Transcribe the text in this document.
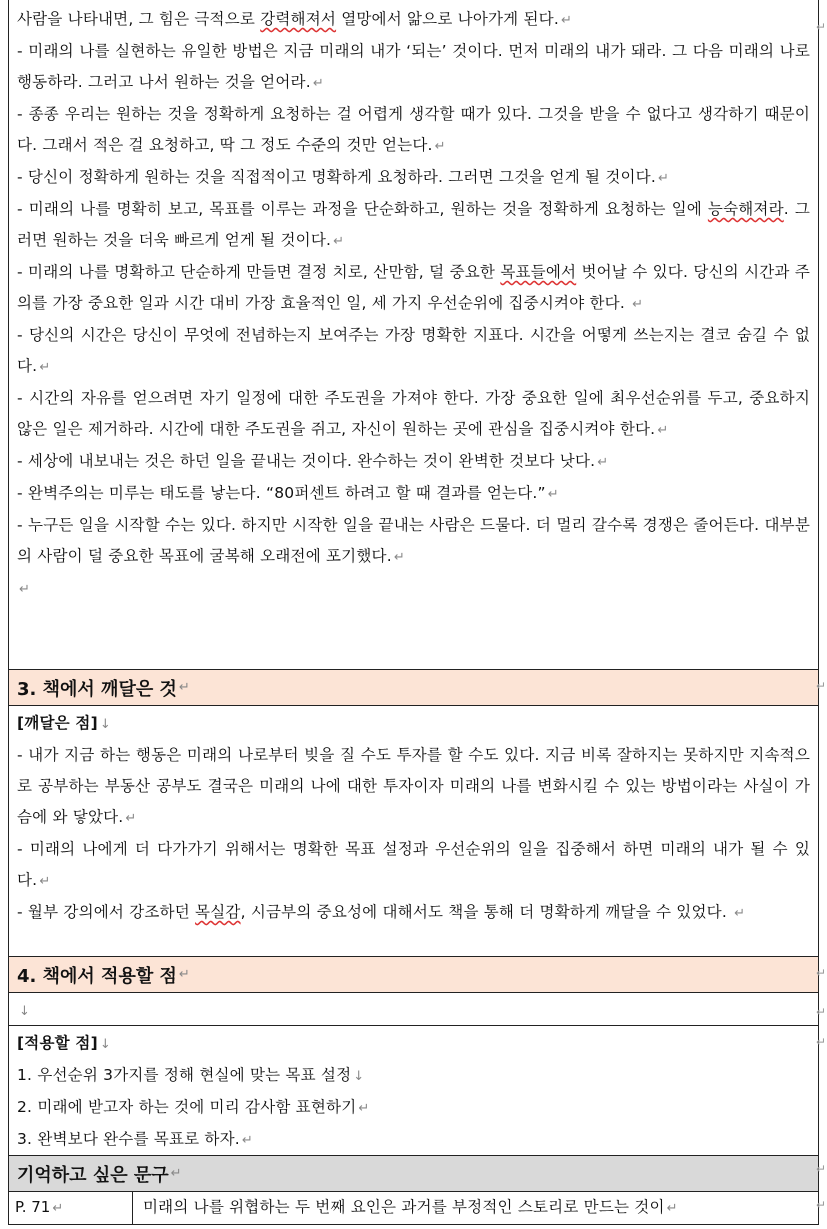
사람을 나타내면, 그 힘은 극적으로 강력해져서 열망에서 앎으로 나아가게 된다. ↵

- 미래의 나를 실현하는 유일한 방법은 지금 미래의 내가 ‘되는’ 것이다. 먼저 미래의 내가 돼라. 그 다음 미래의 나로 행동하라. 그러고 나서 원하는 것을 얻어라. ↵

- 종종 우리는 원하는 것을 정확하게 요청하는 걸 어렵게 생각할 때가 있다. 그것을 받을 수 없다고 생각하기 때문이다. 그래서 적은 걸 요청하고, 딱 그 정도 수준의 것만 얻는다. ↵

- 당신이 정확하게 원하는 것을 직접적이고 명확하게 요청하라. 그러면 그것을 얻게 될 것이다. ↵

- 미래의 나를 명확히 보고, 목표를 이루는 과정을 단순화하고, 원하는 것을 정확하게 요청하는 일에 능숙해져라. 그러면 원하는 것을 더욱 빠르게 얻게 될 것이다. ↵

- 미래의 나를 명확하고 단순하게 만들면 결정 치로, 산만함, 덜 중요한 목표들에서 벗어날 수 있다. 당신의 시간과 주의를 가장 중요한 일과 시간 대비 가장 효율적인 일, 세 가지 우선순위에 집중시켜야 한다. ↵

- 당신의 시간은 당신이 무엇에 전념하는지 보여주는 가장 명확한 지표다. 시간을 어떻게 쓰는지는 결코 숨길 수 없다. ↵

- 시간의 자유를 얻으려면 자기 일정에 대한 주도권을 가져야 한다. 가장 중요한 일에 최우선순위를 두고, 중요하지 않은 일은 제거하라. 시간에 대한 주도권을 쥐고, 자신이 원하는 곳에 관심을 집중시켜야 한다. ↵

- 세상에 내보내는 것은 하던 일을 끝내는 것이다. 완수하는 것이 완벽한 것보다 낫다. ↵

- 완벽주의는 미루는 태도를 낳는다. “80퍼센트 하려고 할 때 결과를 얻는다.” ↵

- 누구든 일을 시작할 수는 있다. 하지만 시작한 일을 끝내는 사람은 드물다. 더 멀리 갈수록 경쟁은 줄어든다. 대부분의 사람이 덜 중요한 목표에 굴복해 오래전에 포기했다. ↵

↵

3. 책에서 깨달은 것 ↵

[깨달은 점] ↓

- 내가 지금 하는 행동은 미래의 나로부터 빚을 질 수도 투자를 할 수도 있다. 지금 비록 잘하지는 못하지만 지속적으로 공부하는 부동산 공부도 결국은 미래의 나에 대한 투자이자 미래의 나를 변화시킬 수 있는 방법이라는 사실이 가슴에 와 닿았다. ↵

- 미래의 나에게 더 다가가기 위해서는 명확한 목표 설정과 우선순위의 일을 집중해서 하면 미래의 내가 될 수 있다. ↵

- 월부 강의에서 강조하던 목실감, 시금부의 중요성에 대해서도 책을 통해 더 명확하게 깨달을 수 있었다. ↵

4. 책에서 적용할 점 ↵

↓

[적용할 점] ↓

1. 우선순위 3가지를 정해 현실에 맞는 목표 설정 ↓

2. 미래에 받고자 하는 것에 미리 감사함 표현하기 ↵

3. 완벽보다 완수를 목표로 하자. ↵

기억하고 싶은 문구 ↵
P. 71 ↵	미래의 나를 위협하는 두 번째 요인은 과거를 부정적인 스토리로 만드는 것이 ↵
↵
↵
↵
↵
↵
↵
↵
